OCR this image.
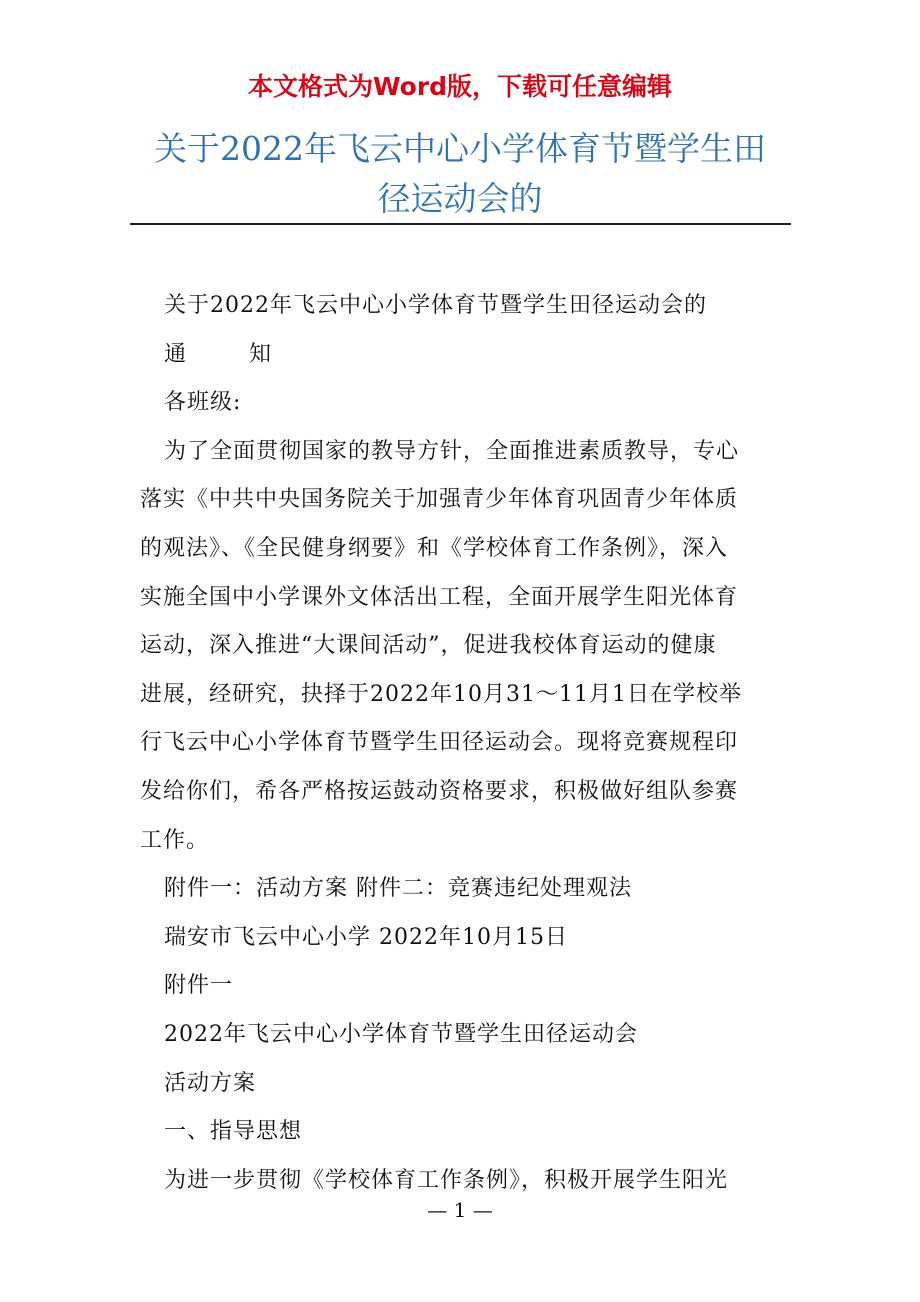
本文格式为Word版，下载可任意编辑
关于2022年飞云中心小学体育节暨学生田
径运动会的
关于2022年飞云中心小学体育节暨学生田径运动会的
通	知
各班级:
为了全面贯彻国家的教导方针，全面推进素质教导，专心
落实《中共中央国务院关于加强青少年体育巩固青少年体质
的观法》、《全民健身纲要》和《学校体育工作条例》，深入
实施全国中小学课外文体活出工程，全面开展学生阳光体育
运动，深入推进“大课间活动”，促进我校体育运动的健康
进展，经研究，抉择于2022年10月31～11月1日在学校举
行飞云中心小学体育节暨学生田径运动会。现将竞赛规程印
发给你们，希各严格按运鼓动资格要求，积极做好组队参赛
工作。
附件一：活动方案 附件二：竞赛违纪处理观法
瑞安市飞云中心小学 2022年10月15日
附件一
2022年飞云中心小学体育节暨学生田径运动会
活动方案
一、指导思想
为进一步贯彻《学校体育工作条例》，积极开展学生阳光
— 1 —
